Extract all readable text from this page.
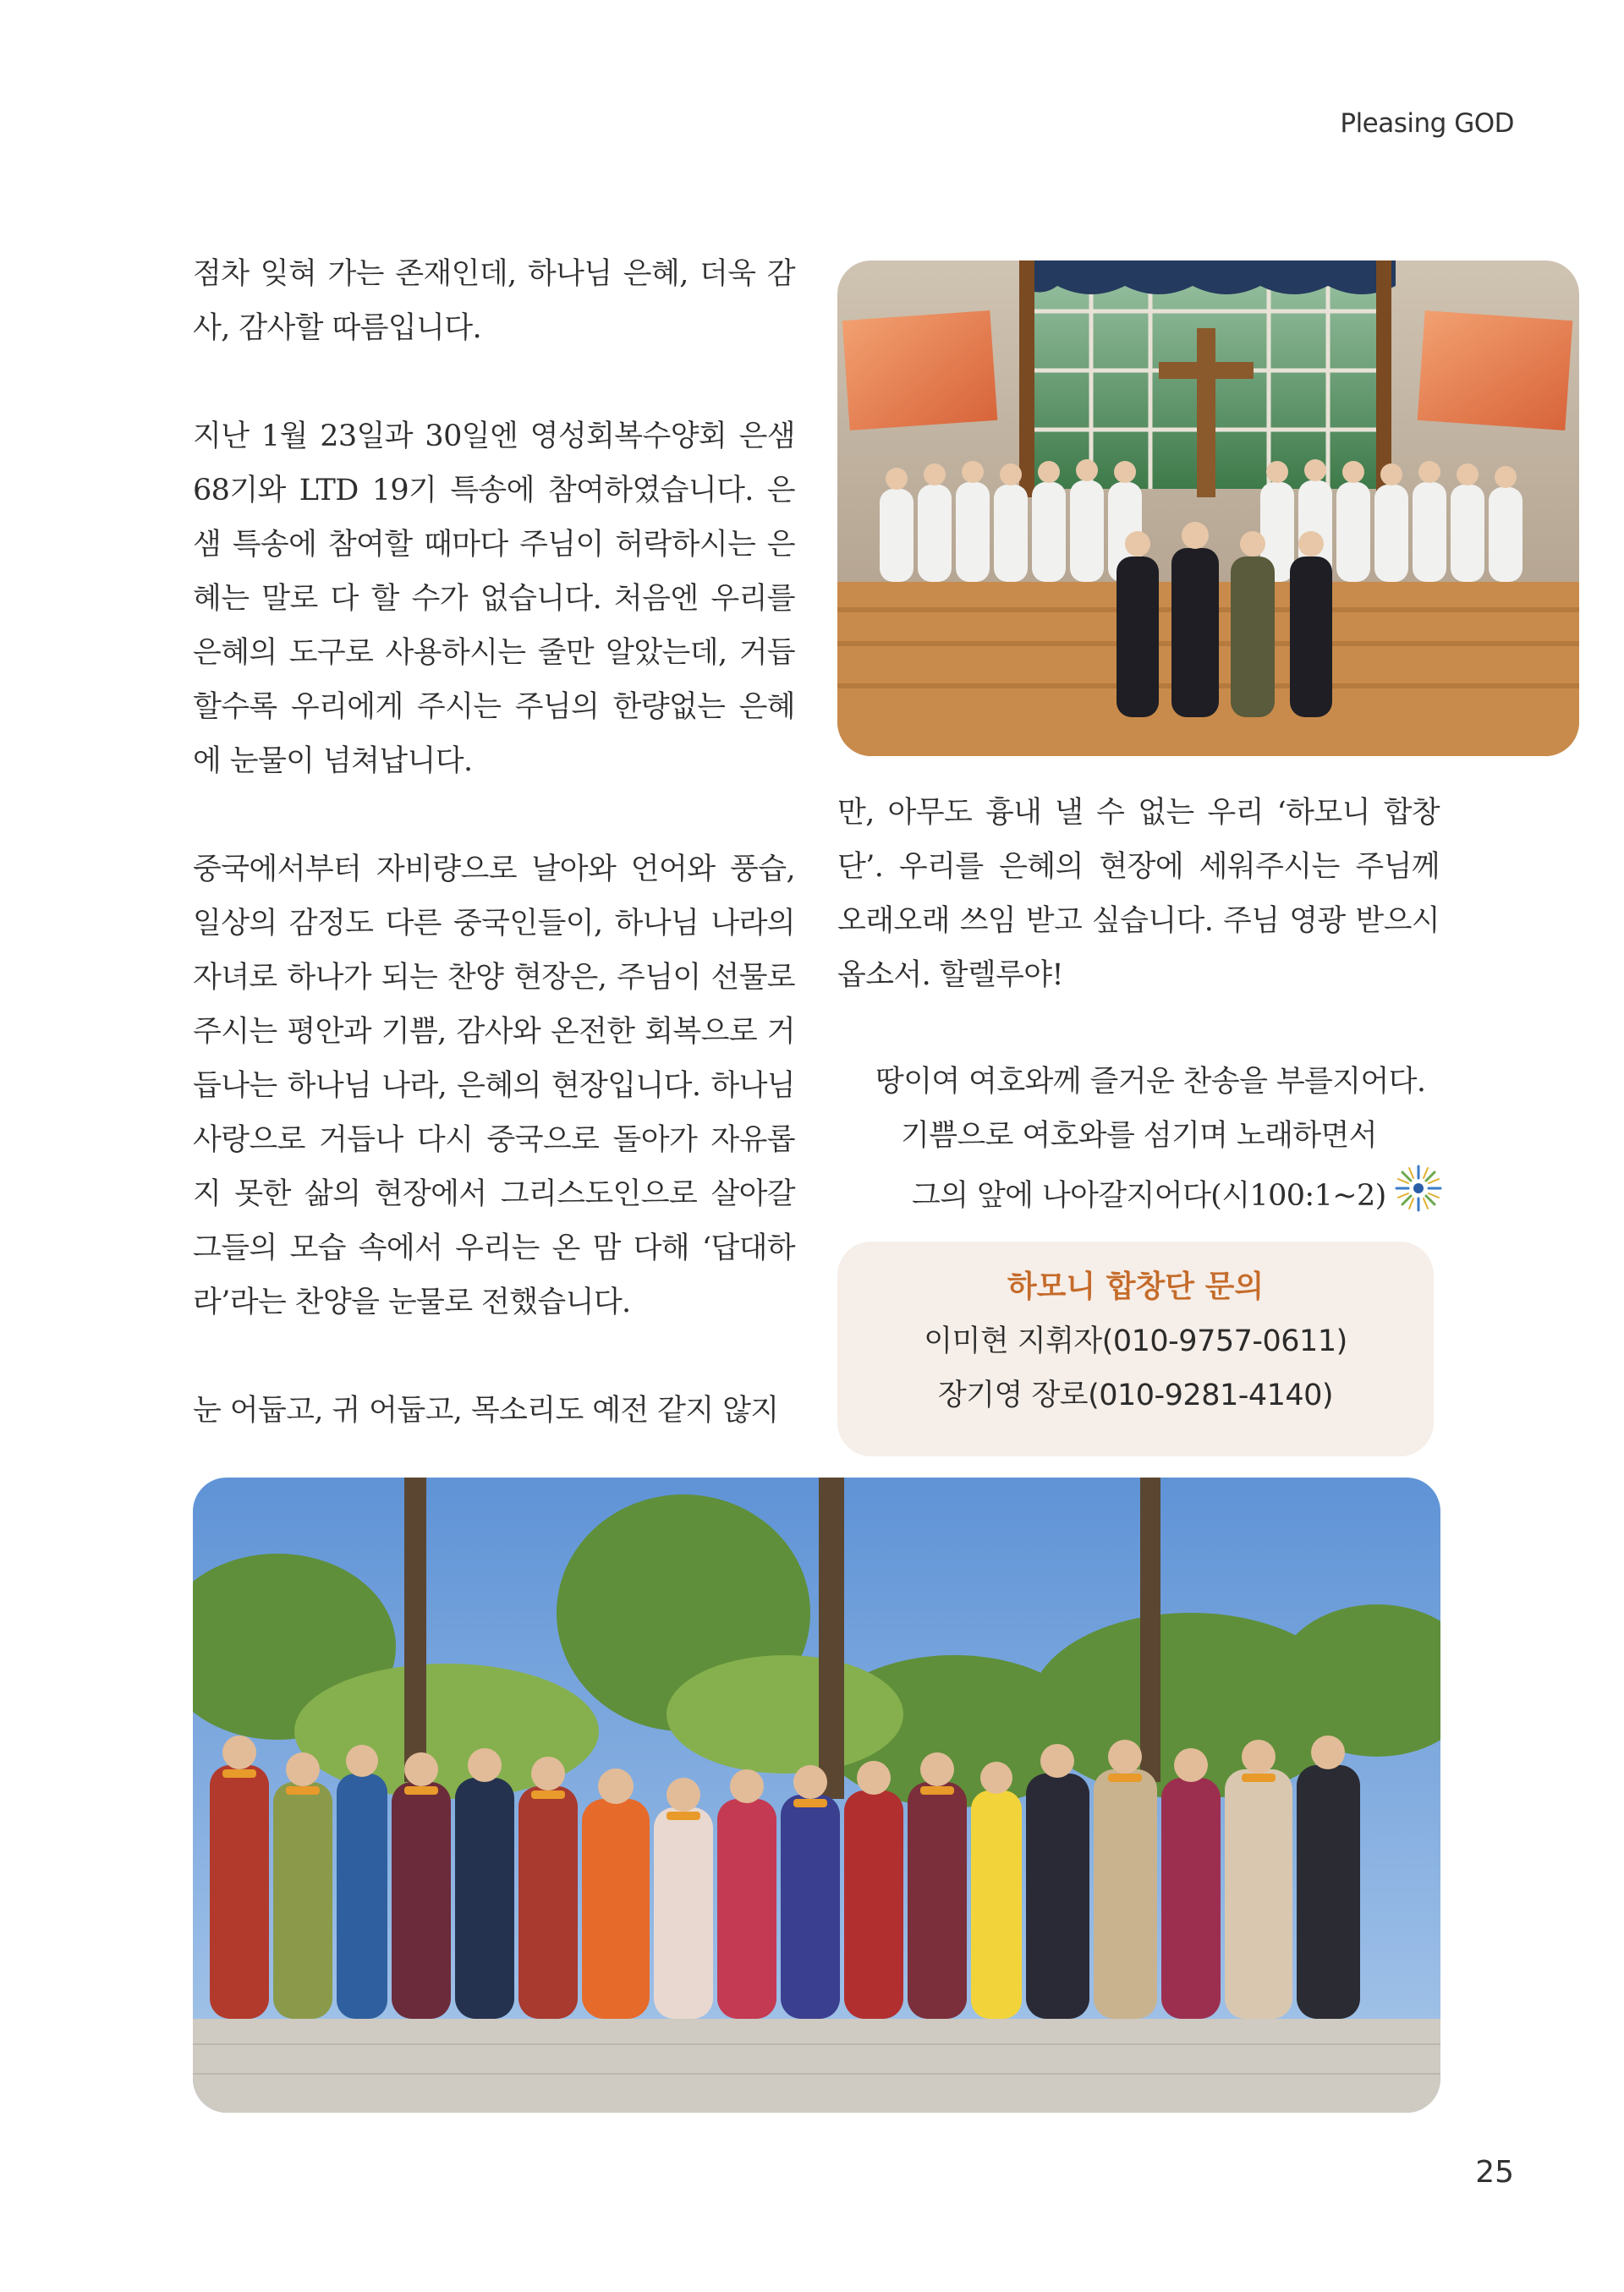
Pleasing GOD

점차 잊혀 가는 존재인데, 하나님 은혜, 더욱 감사, 감사할 따름입니다.

지난 1월 23일과 30일엔 영성회복수양회 은샘 68기와 LTD 19기 특송에 참여하였습니다. 은샘 특송에 참여할 때마다 주님이 허락하시는 은혜는 말로 다 할 수가 없습니다. 처음엔 우리를 은혜의 도구로 사용하시는 줄만 알았는데, 거듭할수록 우리에게 주시는 주님의 한량없는 은혜에 눈물이 넘쳐납니다.

중국에서부터 자비량으로 날아와 언어와 풍습, 일상의 감정도 다른 중국인들이, 하나님 나라의 자녀로 하나가 되는 찬양 현장은, 주님이 선물로 주시는 평안과 기쁨, 감사와 온전한 회복으로 거듭나는 하나님 나라, 은혜의 현장입니다. 하나님 사랑으로 거듭나 다시 중국으로 돌아가 자유롭지 못한 삶의 현장에서 그리스도인으로 살아갈 그들의 모습 속에서 우리는 온 맘 다해 ‘답대하라’라는 찬양을 눈물로 전했습니다.

눈 어둡고, 귀 어둡고, 목소리도 예전 같지 않지

만, 아무도 흉내 낼 수 없는 우리 ‘하모니 합창단’. 우리를 은혜의 현장에 세워주시는 주님께 오래오래 쓰임 받고 싶습니다. 주님 영광 받으시옵소서. 할렐루야!

땅이여 여호와께 즐거운 찬송을 부를지어다.
기쁨으로 여호와를 섬기며 노래하면서
그의 앞에 나아갈지어다(시100:1~2)
하모니 합창단 문의
이미현 지휘자(010-9757-0611)
장기영 장로(010-9281-4140)
25
